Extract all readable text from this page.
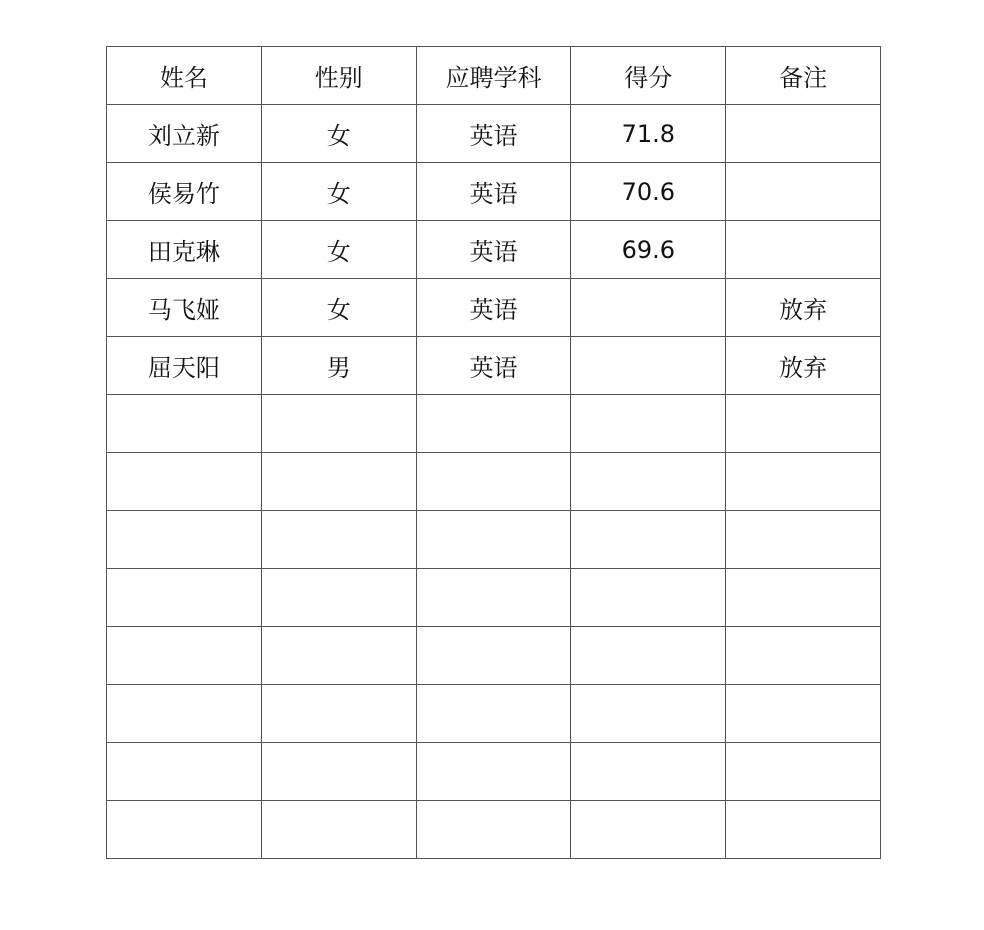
姓名	性别	应聘学科	得分	备注
刘立新	女	英语	71.8	
侯易竹	女	英语	70.6	
田克琳	女	英语	69.6	
马飞娅	女	英语		放弃
屈天阳	男	英语		放弃
